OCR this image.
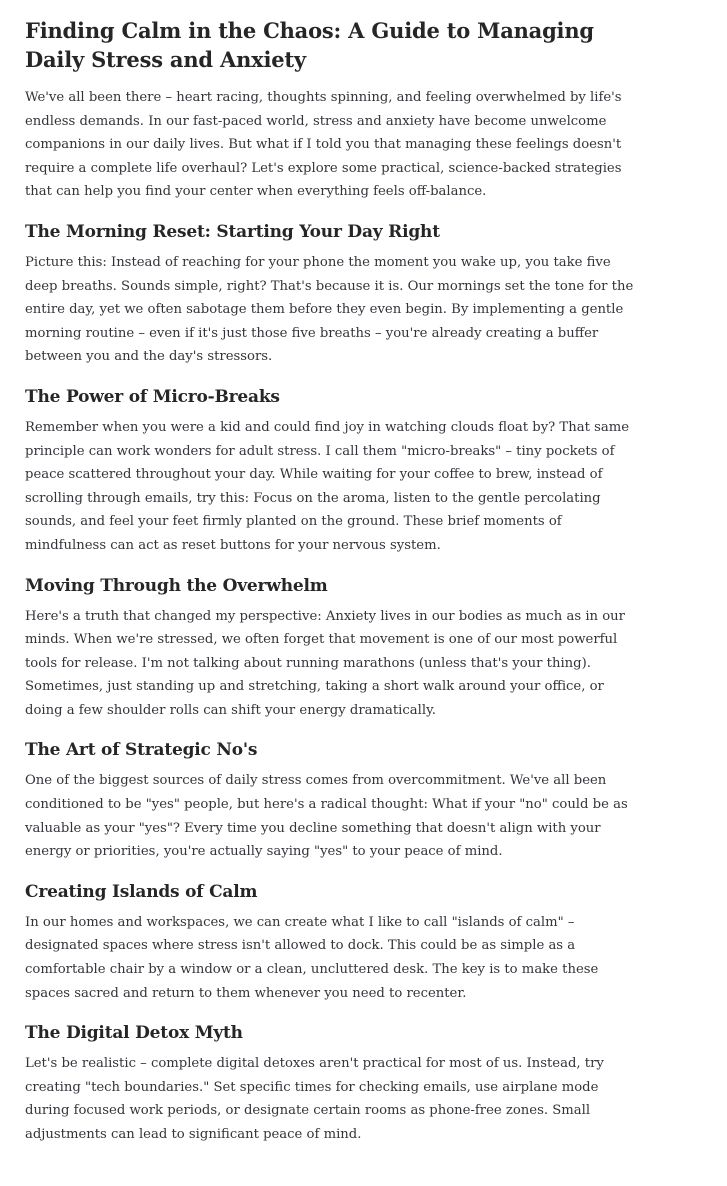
Finding Calm in the Chaos: A Guide to Managing Daily Stress and Anxiety

We've all been there – heart racing, thoughts spinning, and feeling overwhelmed by life's endless demands. In our fast-paced world, stress and anxiety have become unwelcome companions in our daily lives. But what if I told you that managing these feelings doesn't require a complete life overhaul? Let's explore some practical, science-backed strategies that can help you find your center when everything feels off-balance.

The Morning Reset: Starting Your Day Right

Picture this: Instead of reaching for your phone the moment you wake up, you take five deep breaths. Sounds simple, right? That's because it is. Our mornings set the tone for the entire day, yet we often sabotage them before they even begin. By implementing a gentle morning routine – even if it's just those five breaths – you're already creating a buffer between you and the day's stressors.

The Power of Micro-Breaks

Remember when you were a kid and could find joy in watching clouds float by? That same principle can work wonders for adult stress. I call them "micro-breaks" – tiny pockets of peace scattered throughout your day. While waiting for your coffee to brew, instead of scrolling through emails, try this: Focus on the aroma, listen to the gentle percolating sounds, and feel your feet firmly planted on the ground. These brief moments of mindfulness can act as reset buttons for your nervous system.

Moving Through the Overwhelm

Here's a truth that changed my perspective: Anxiety lives in our bodies as much as in our minds. When we're stressed, we often forget that movement is one of our most powerful tools for release. I'm not talking about running marathons (unless that's your thing). Sometimes, just standing up and stretching, taking a short walk around your office, or doing a few shoulder rolls can shift your energy dramatically.

The Art of Strategic No's

One of the biggest sources of daily stress comes from overcommitment. We've all been conditioned to be "yes" people, but here's a radical thought: What if your "no" could be as valuable as your "yes"? Every time you decline something that doesn't align with your energy or priorities, you're actually saying "yes" to your peace of mind.

Creating Islands of Calm

In our homes and workspaces, we can create what I like to call "islands of calm" – designated spaces where stress isn't allowed to dock. This could be as simple as a comfortable chair by a window or a clean, uncluttered desk. The key is to make these spaces sacred and return to them whenever you need to recenter.

The Digital Detox Myth

Let's be realistic – complete digital detoxes aren't practical for most of us. Instead, try creating "tech boundaries." Set specific times for checking emails, use airplane mode during focused work periods, or designate certain rooms as phone-free zones. Small adjustments can lead to significant peace of mind.
